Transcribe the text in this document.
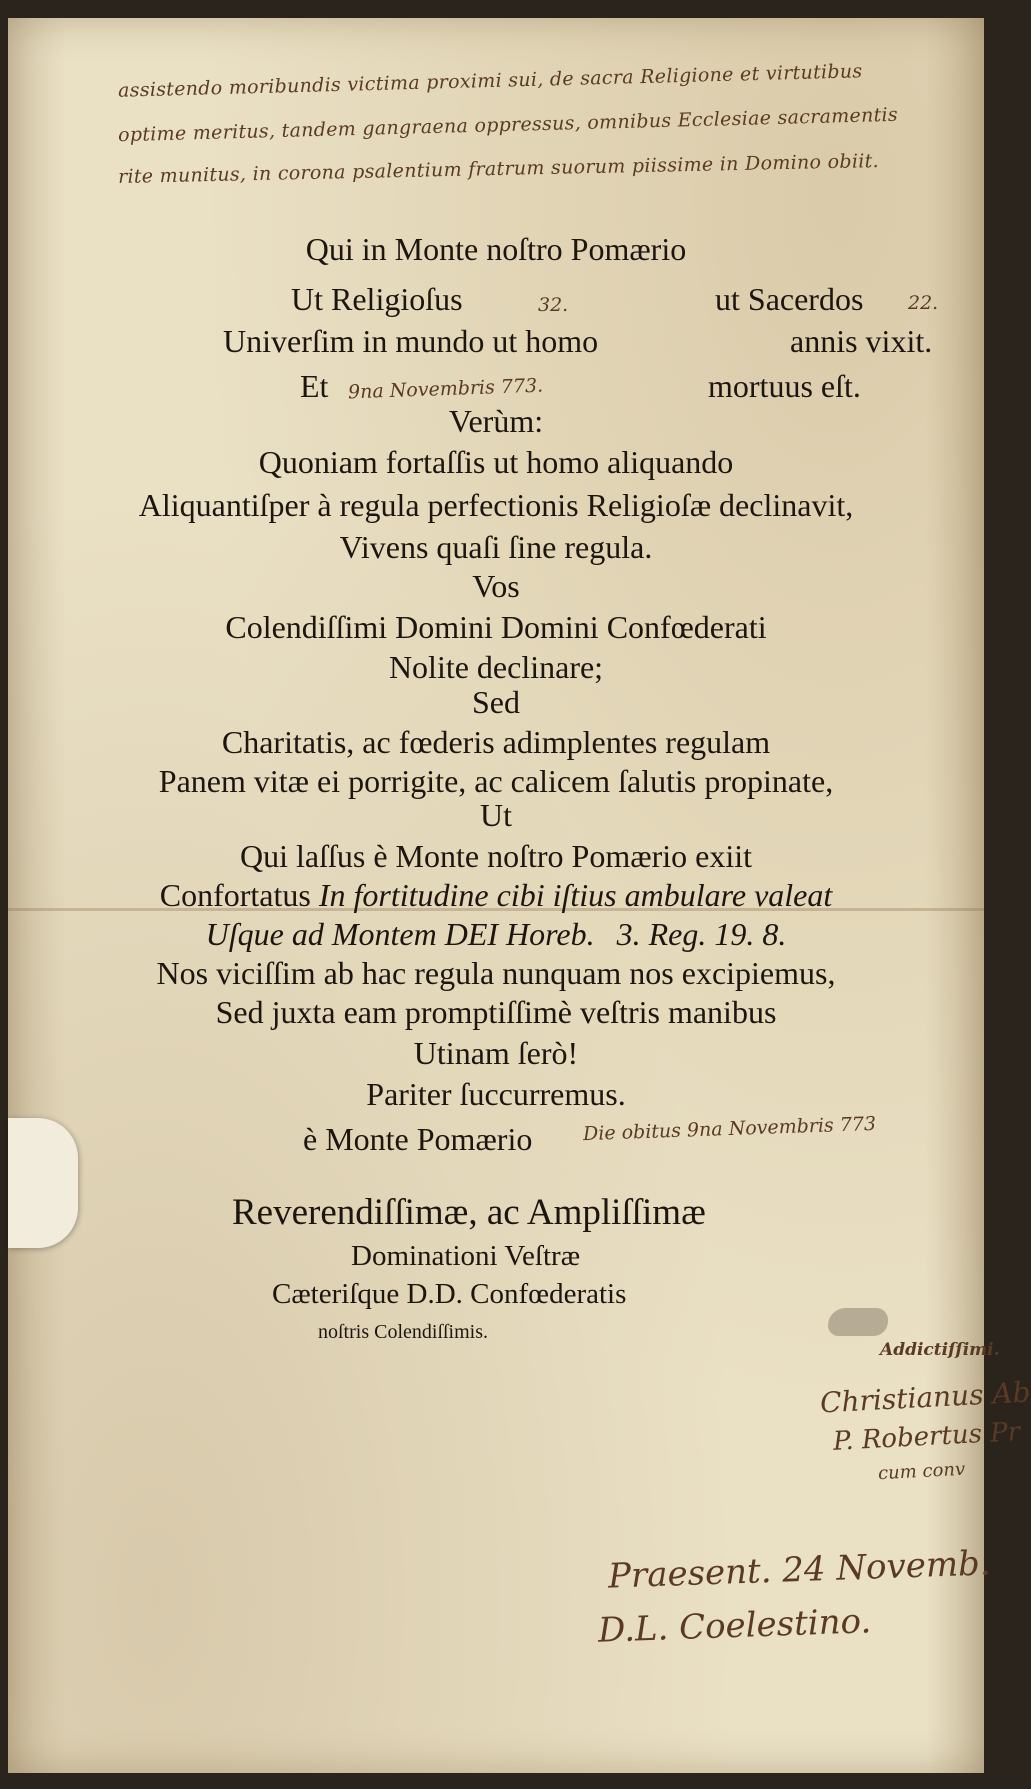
assistendo moribundis victima proximi sui, de sacra Religione et virtutibus
optime meritus, tandem gangraena oppressus, omnibus Ecclesiae sacramentis
rite munitus, in corona psalentium fratrum suorum piissime in Domino obiit.
Qui in Monte noſtro Pomærio
Ut Religioſus	32.	ut Sacerdos 22.
Univerſim in mundo ut homo	annis vixit.
Et 9na Novembris 773.	mortuus eſt.
Verùm:
Quoniam fortaſſis ut homo aliquando
Aliquantiſper à regula perfectionis Religioſæ declinavit,
Vivens quaſi ſine regula.
Vos
Colendiſſimi Domini Domini Confœderati
Nolite declinare;
Sed
Charitatis, ac fœderis adimplentes regulam
Panem vitæ ei porrigite, ac calicem ſalutis propinate,
Ut
Qui laſſus è Monte noſtro Pomærio exiit
Confortatus In fortitudine cibi iſtius ambulare valeat
Uſque ad Montem DEI Horeb. 3. Reg. 19. 8.
Nos viciſſim ab hac regula nunquam nos excipiemus,
Sed juxta eam promptiſſimè veſtris manibus
Utinam ſerò!
Pariter ſuccurremus.
è Monte Pomærio	Die obitus 9na Novembris 773
Reverendiſſimæ, ac Ampliſſimæ
Dominationi Veſtræ
Cæteriſque D.D. Confœderatis
noſtris Colendiſſimis.
Addictiſſimi.
Christianus Ab
P. Robertus Pr
cum conv
Praesent. 24 Novemb.
D.L. Coelestino.
